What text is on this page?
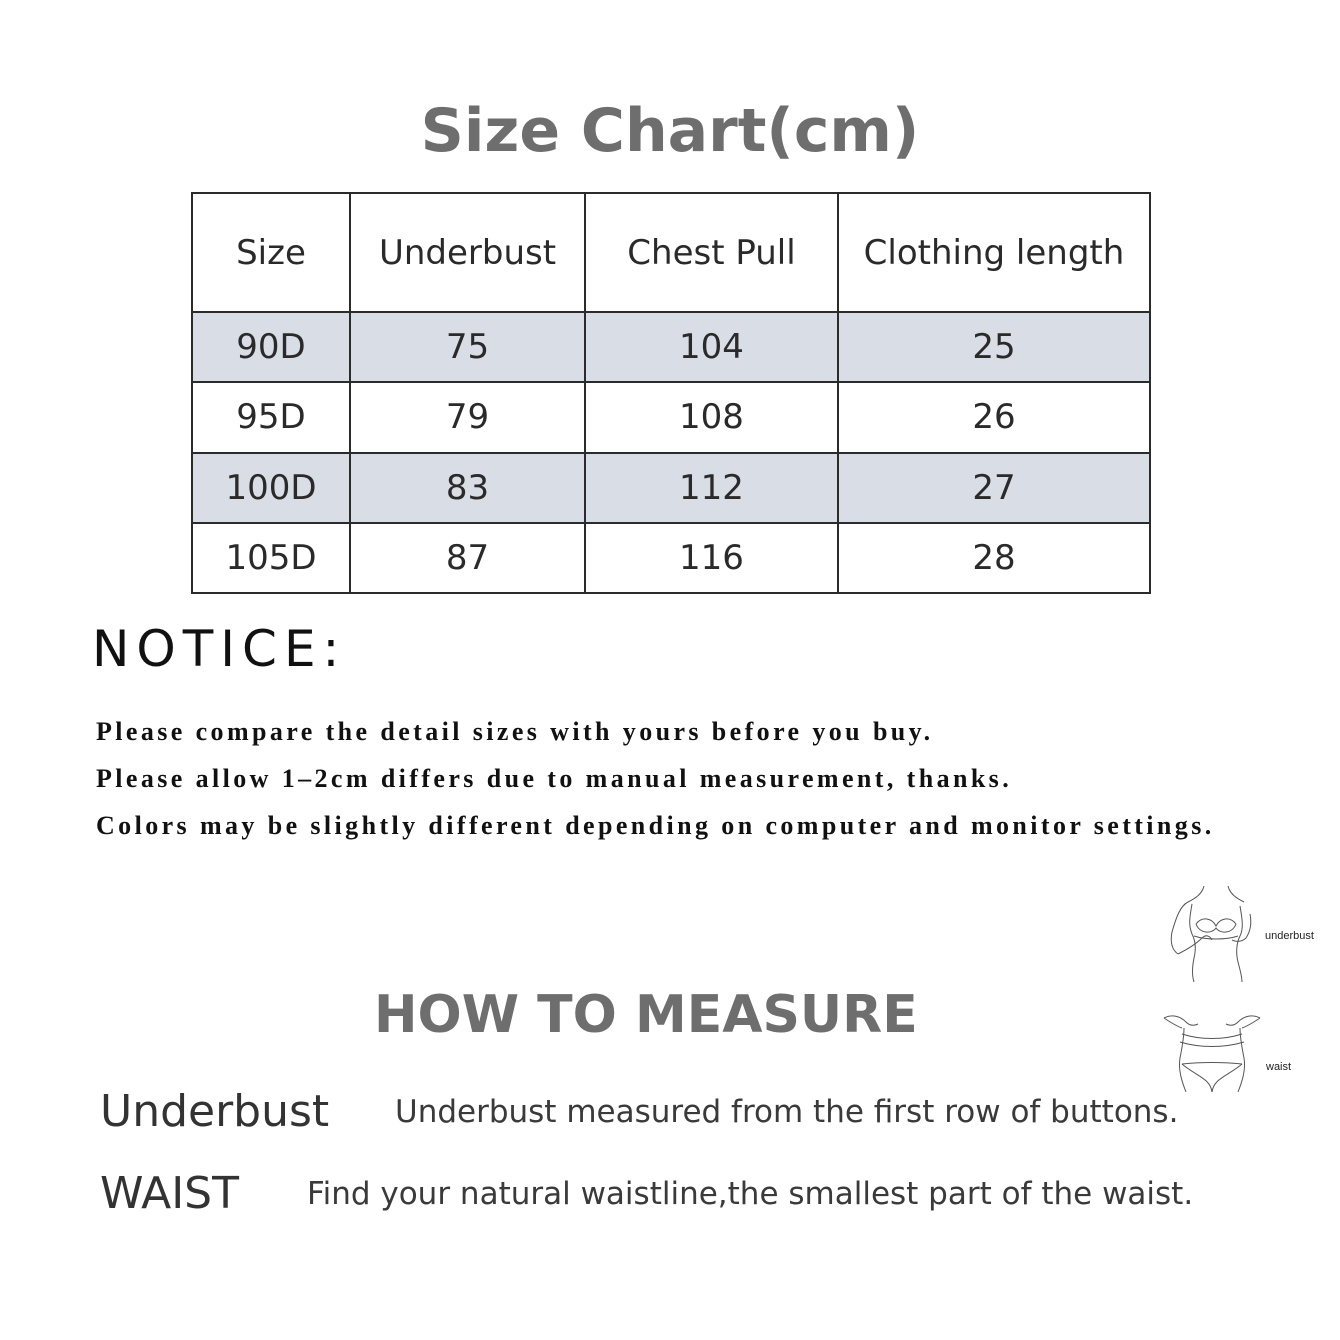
Size Chart(cm)
Size	Underbust	Chest Pull	Clothing length
90D	75	104	25
95D	79	108	26
100D	83	112	27
105D	87	116	28
NOTICE:
Please compare the detail sizes with yours before you buy.
Please allow 1–2cm differs due to manual measurement, thanks.
Colors may be slightly different depending on computer and monitor settings.
underbust
waist
HOW TO MEASURE
Underbust Underbust measured from the first row of buttons.
WAIST Find your natural waistline,the smallest part of the waist.
